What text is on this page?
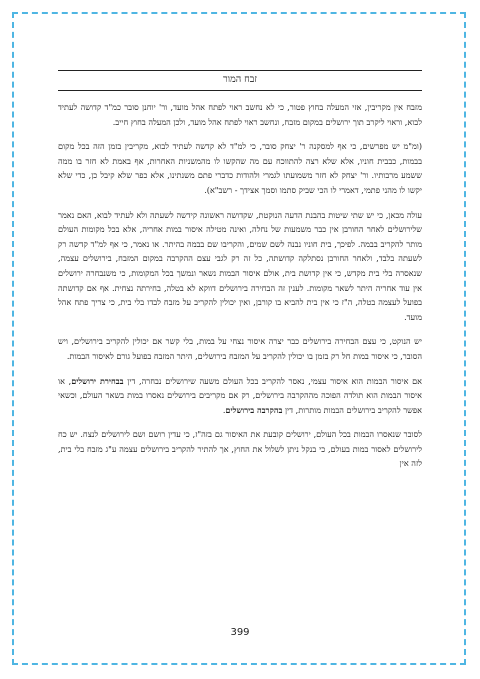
זבח המור

מזבח אין מקריבין, אזי המעלה בחוץ פטור, כי לא נחשב ראוי לפתח אהל מועד, ור' יוחנן סובר כמ"ד קדושה לעתיד לבוא, וראוי ליקרב תוך ירושלים במקום מזבח, ונחשב ראוי לפתח אהל מועד, ולכן המעלה בחוץ חייב.

(ומ"מ יש מפרשים, כי אף למסקנה ר' יצחק סובר, כי למ"ד לא קדשה לעתיד לבוא, מקריבין בזמן הזה בכל מקום בבמות, כבבית חוניו, אלא שלא רצה להתווכח עם מה שהקשו לו מהמשניות האחרות, אף באמת לא חזר בו ממה ששמע מרבותיו. ור' יצחק לא חזר משמועתו לגמרי ולהודות כדברי פתם משנתינו, אלא כפר שלא קיבל כן, כדי שלא יקשו לו מהני פתמי, דאמרי לו הכי שביק סתמו וסמך אצידך - רשב"א).

עולה מכאן, כי יש שתי שיטות בהבנת הדעה הנוקטת, שקדושה ראשונה קידשה לשעתה ולא לעתיד לבוא, האם נאמר שלירושלים לאחר החורבן אין כבר משמעות של נחלה, ואינה מטילה איסור במות אחריה, אלא בכל מקומות העולם מותר להקריב בבמה. לפיכך, בית חוניו נבנה לשם שמים, והקריבו שם בבמה בהיתר. או נאמר, כי אף למ"ד קדשה רק לשעתה בלבד, ולאחר החורבן נסתלקה קדושתה, כל זה רק לגבי עצם ההקרבה במקום המזבח, בירושלים עצמה, שנאסרה בלי בית מקדש, כי אין קדושת בית, אולם איסור הבמות נשאר ונמשך בכל המקומות, כי משנבחרה ירושלים אין עוד אחריה היתר לשאר מקומות. לענין זה הבחירה בירושלים דווקא לא בטלה, בחירתה נצחית. אף אם קדושתה בפועל לעצמה בטלה, ה"ז כי אין בית להביא בו קורבן, ואין יכולין להקריב על מזבח לבדו בלי בית, כי צריך פתח אהל מועד.

יש הנוקט, כי עצם הבחירה בירושלים כבר יצרה איסור נצחי על במות, בלי קשר אם יכולין להקריב בירושלים, ויש הסובר, כי איסור במות חל רק בזמן בו יכולין להקריב על המזבח בירושלים, היתר המזבח בפועל גורם לאיסור הבמות.

אם איסור הבמות הוא איסור עצמי, נאסר להקריב בכל העולם משעה שירושלים נבחרה, דין בבחירת ירושלים, או איסור הבמות הוא תולדה הפוכה מההקרבה בירושלים, רק אם מקריבים בירושלים נאסרו במות בשאר העולם, וכשאי אפשר להקריב בירושלים הבמות מותרות, דין בהקרבה בירושלים.

לסובר שנאסרו הבמות בכל העולם, ירושלים קובעת את האיסור גם בזה"ז, כי עדין רושם ושם לירושלים לנצח. יש כח לירושלים לאסור במות בעולם, כי בנקל ניתן לשלול את החוץ, אך להתיר להקריב בירושלים עצמה ע"ג מזבח בלי בית, לזה אין

399
